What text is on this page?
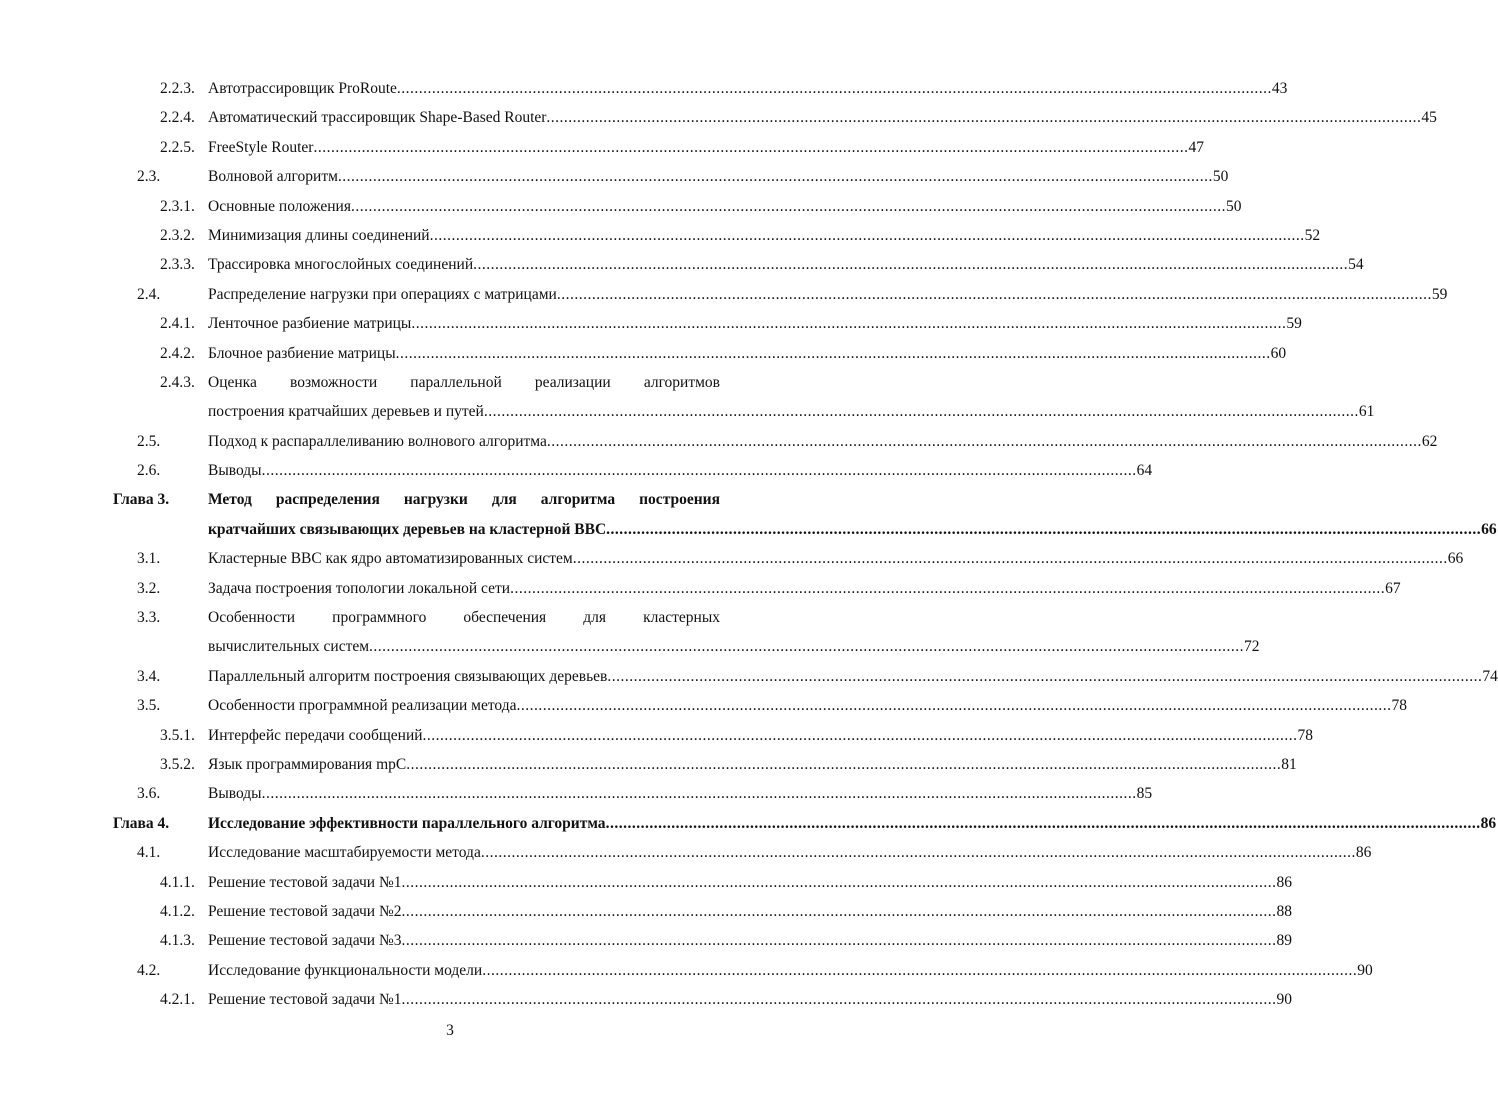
2.2.3. Автотрассировщик ProRoute ........................................................................................................................................................................................................ 43
2.2.4. Автоматический трассировщик Shape-Based Router ........................................................................................................................................................................................................ 45
2.2.5. FreeStyle Router ........................................................................................................................................................................................................ 47
2.3.	Волновой алгоритм ........................................................................................................................................................................................................ 50
2.3.1. Основные положения ........................................................................................................................................................................................................ 50
2.3.2. Минимизация длины соединений ........................................................................................................................................................................................................ 52
2.3.3. Трассировка многослойных соединений ........................................................................................................................................................................................................ 54
2.4.	Распределение нагрузки при операциях с матрицами ........................................................................................................................................................................................................ 59
2.4.1. Ленточное разбиение матрицы ........................................................................................................................................................................................................ 59
2.4.2. Блочное разбиение матрицы ........................................................................................................................................................................................................ 60
2.4.3. Оценка возможности параллельной реализации алгоритмов
построения кратчайших деревьев и путей ........................................................................................................................................................................................................ 61
2.5.	Подход к распараллеливанию волнового алгоритма ........................................................................................................................................................................................................ 62
2.6.	Выводы ........................................................................................................................................................................................................ 64
Глава 3.	Метод распределения нагрузки для алгоритма построения
кратчайших связывающих деревьев на кластерной ВВС ........................................................................................................................................................................................................ 66
3.1.	Кластерные ВВС как ядро автоматизированных систем ........................................................................................................................................................................................................ 66
3.2.	Задача построения топологии локальной сети ........................................................................................................................................................................................................ 67
3.3.	Особенности программного обеспечения для кластерных
вычислительных систем ........................................................................................................................................................................................................ 72
3.4.	Параллельный алгоритм построения связывающих деревьев ........................................................................................................................................................................................................ 74
3.5.	Особенности программной реализации метода ........................................................................................................................................................................................................ 78
3.5.1. Интерфейс передачи сообщений ........................................................................................................................................................................................................ 78
3.5.2. Язык программирования mpC ........................................................................................................................................................................................................ 81
3.6.	Выводы ........................................................................................................................................................................................................ 85
Глава 4.	Исследование эффективности параллельного алгоритма ........................................................................................................................................................................................................ 86
4.1.	Исследование масштабируемости метода ........................................................................................................................................................................................................ 86
4.1.1. Решение тестовой задачи №1 ........................................................................................................................................................................................................ 86
4.1.2. Решение тестовой задачи №2 ........................................................................................................................................................................................................ 88
4.1.3. Решение тестовой задачи №3 ........................................................................................................................................................................................................ 89
4.2.	Исследование функциональности модели ........................................................................................................................................................................................................ 90
4.2.1. Решение тестовой задачи №1 ........................................................................................................................................................................................................ 90
3
